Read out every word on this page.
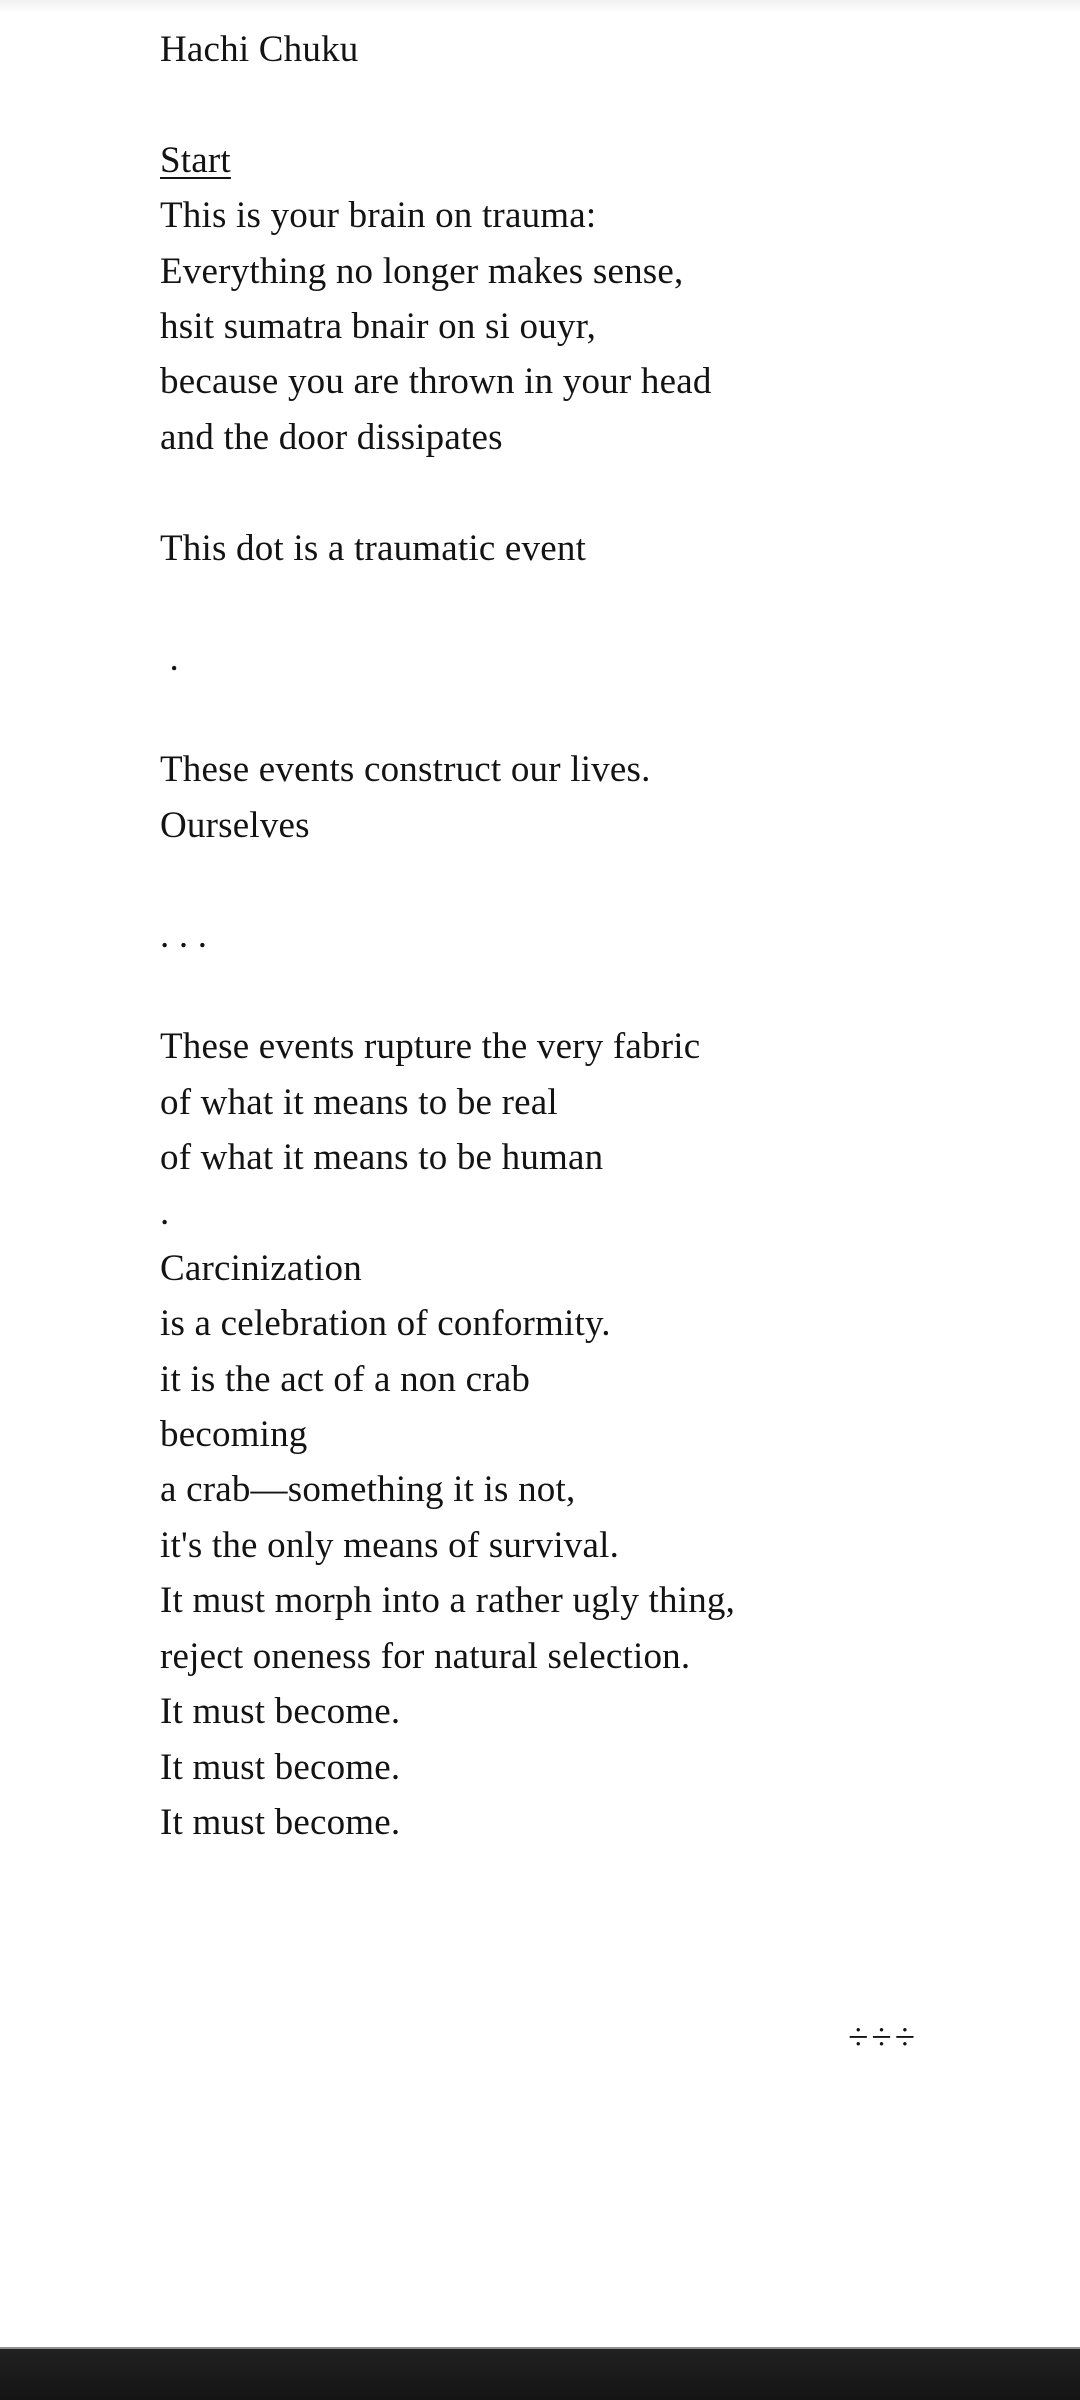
Hachi Chuku
Start
This is your brain on trauma:
Everything no longer makes sense,
hsit sumatra bnair on si ouyr,
because you are thrown in your head
and the door dissipates
This dot is a traumatic event
.
These events construct our lives.
Ourselves
. . .
These events rupture the very fabric
of what it means to be real
of what it means to be human
.
Carcinization
is a celebration of conformity.
it is the act of a non crab
becoming
a crab—something it is not,
it's the only means of survival.
It must morph into a rather ugly thing,
reject oneness for natural selection.
It must become.
It must become.
It must become.
÷÷÷
